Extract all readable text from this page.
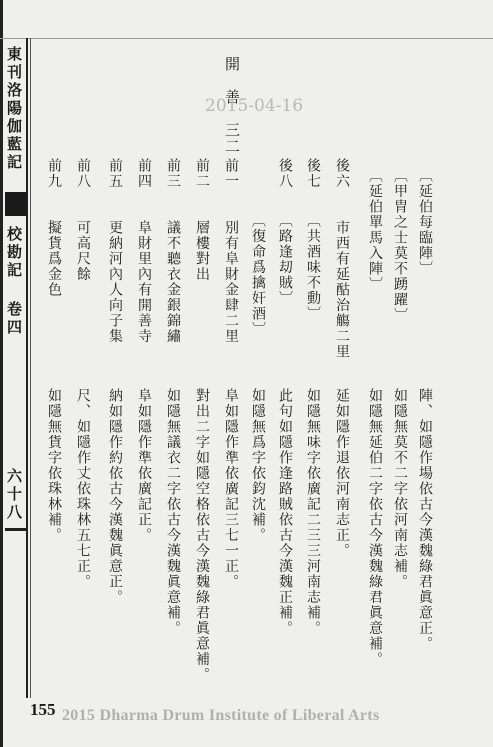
東刊洛陽伽藍記
校勘記 卷四
六十八
開　善　三二
〔延伯每臨陣〕
〔甲胄之士莫不踴躍〕
〔延伯單馬入陣〕
後六　　市西有延酤治觴二里
後七　　〔共酒味不動〕
後八　　〔路逢刧賊〕
　　　　〔復命爲擒奸酒〕
前一　　別有阜財金肆二里
前二　　層樓對出
前三　　議不聽衣金銀錦繡
前四　　阜財里內有開善寺
前五　　更納河內人向子集
前八　　可高尺餘
前九　　擬貨爲金色
陣、如隱作場依古今漢魏綠君眞意正。
如隱無莫不二字依河南志補。
如隱無延伯二字依古今漢魏綠君眞意補。
延如隱作退依河南志正。
如隱無味字依廣記二三三河南志補。
此句如隱作逢路賊依古今漢魏正補。
如隱無爲字依鈞沈補。
阜如隱作準依廣記三七一正。
對出二字如隱空格依古今漢魏綠君眞意補。
如隱無議衣二字依古今漢魏眞意補。
阜如隱作準依廣記正。
納如隱作約依古今漢魏眞意正。
尺、如隱作丈依珠林五七正。
如隱無貨字依珠林補。
2015-04-16
155 2015 Dharma Drum Institute of Liberal Arts
